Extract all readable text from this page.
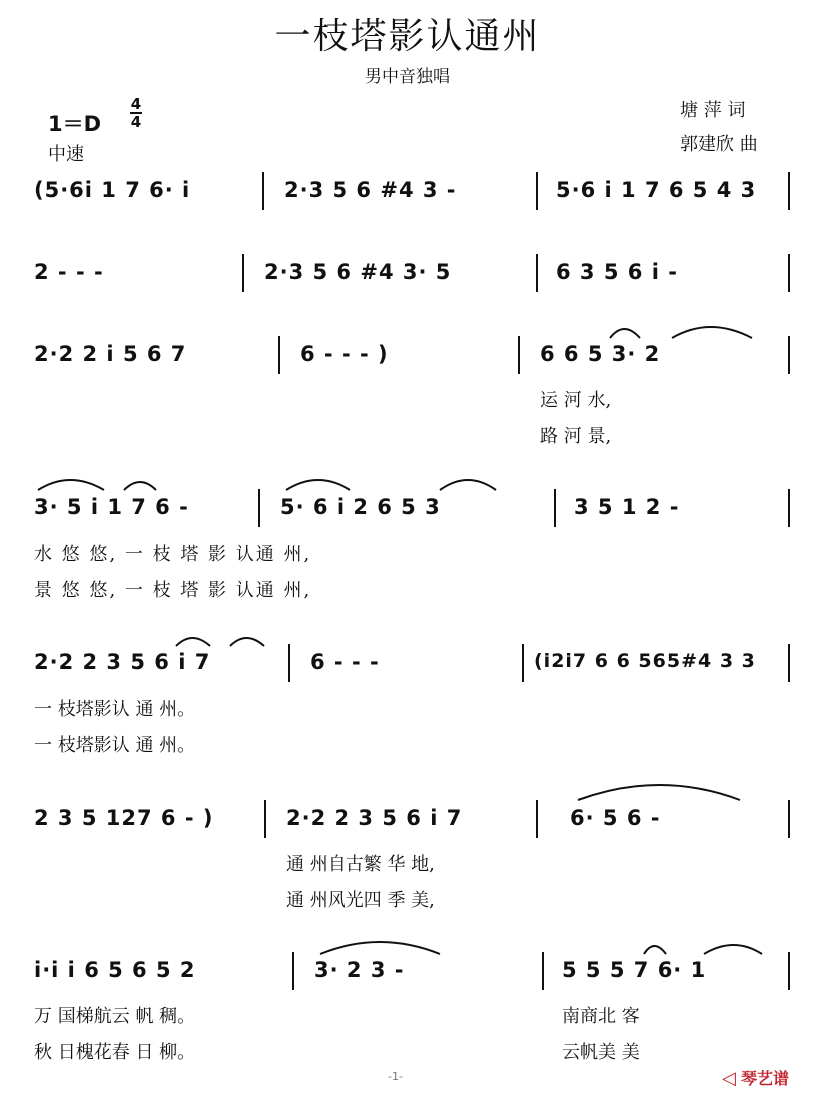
一枝塔影认通州
男中音独唱
1＝D
4
4
中速
塘 萍 词
郭建欣 曲
(5·6i 1 7 6· i	2·3 5 6 #4 3 -	5·6 i 1 7 6 5 4 3
2 - - -	2·3 5 6 #4 3· 5	6 3 5 6 i -
2·2 2 i 5 6 7	6 - - - )	6 6 5 3· 2
运 河 水,
路 河 景,
3· 5 i 1 7 6 -	5· 6 i 2 6 5 3	3 5 1 2 -
水 悠 悠, 一 枝 塔 影 认通 州,
景 悠 悠, 一 枝 塔 影 认通 州,
2·2 2 3 5 6 i 7	6 - - -	(i2i7 6 6 565#4 3 3
一 枝塔影认 通 州。
一 枝塔影认 通 州。
2 3 5 127 6 - )	2·2 2 3 5 6 i 7	6· 5 6 -
通 州自古繁 华 地,
通 州风光四 季 美,
i·i i 6 5 6 5 2	3· 2 3 -	5 5 5 7 6· 1
万 国梯航云 帆 稠。	南商北 客
秋 日槐花春 日 柳。	云帆美 美
-1-	◁ 琴艺谱
